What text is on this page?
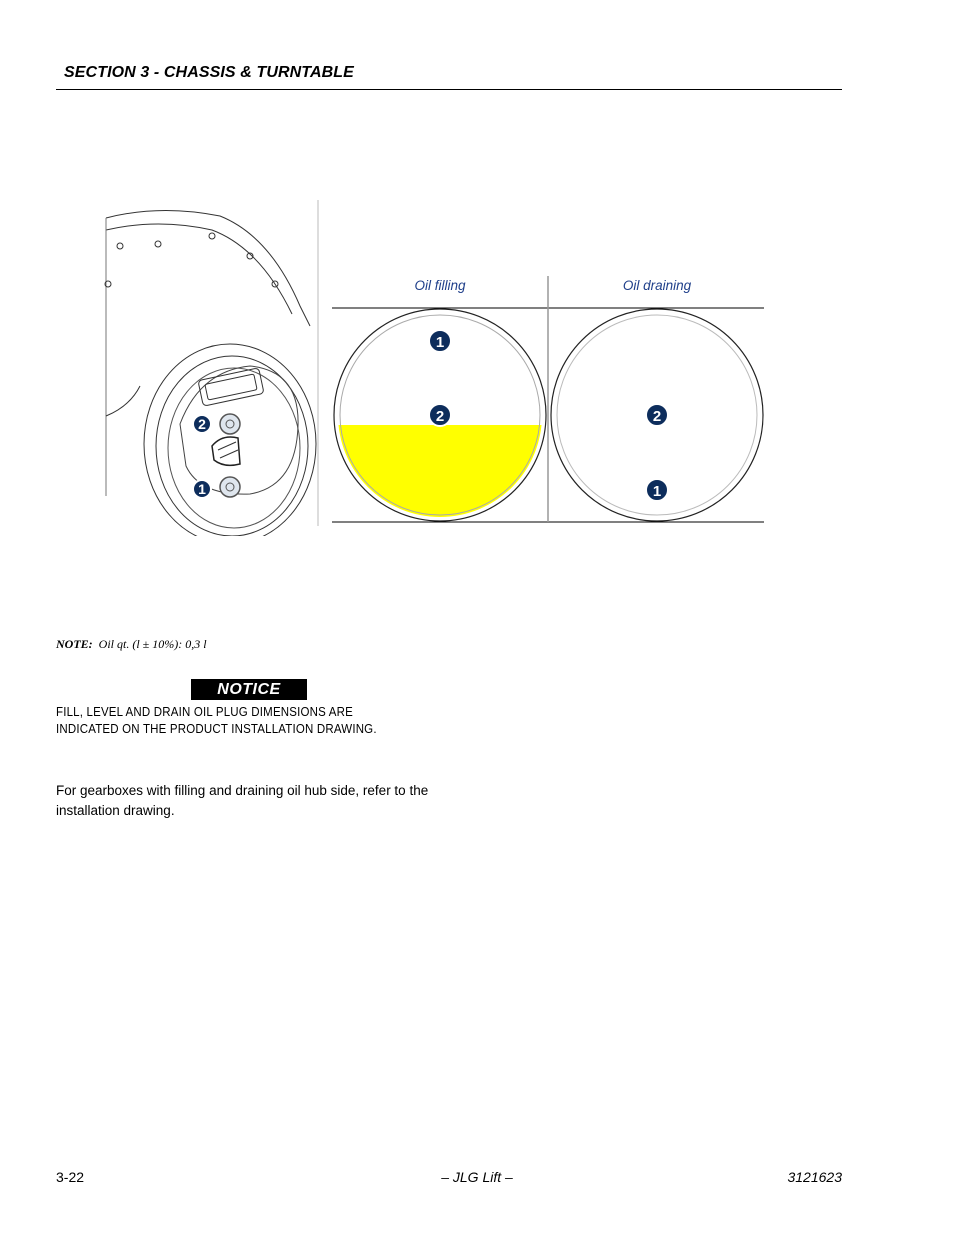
SECTION 3 - CHASSIS & TURNTABLE
2
1
Oil filling	Oil draining
1
2	2
1
NOTE: Oil qt. (l ± 10%): 0,3 l
NOTICE
FILL, LEVEL AND DRAIN OIL PLUG DIMENSIONS ARE INDICATED ON THE PRODUCT INSTALLATION DRAWING.
For gearboxes with filling and draining oil hub side, refer to the installation drawing.
3-22	– JLG Lift –	3121623
